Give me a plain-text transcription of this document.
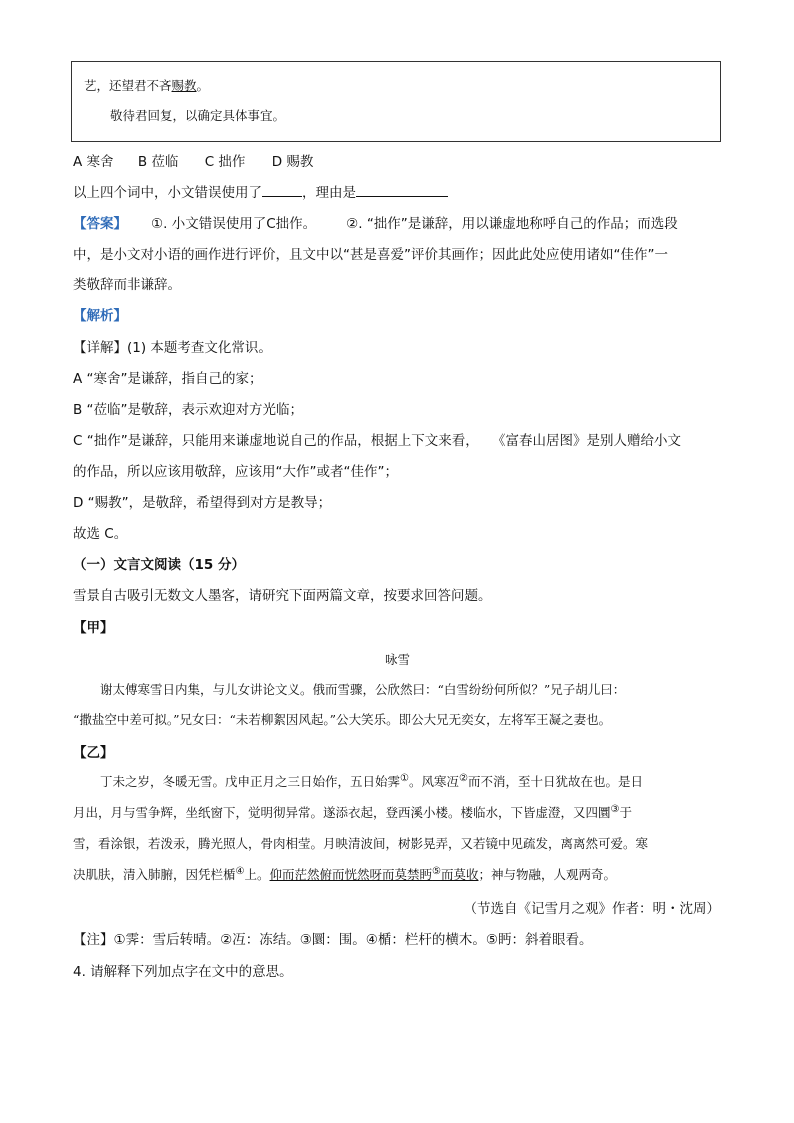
艺，还望君不吝赐教。
敬待君回复，以确定具体事宜。
A 寒舍 B 莅临 C 拙作 D 赐教
以上四个词中，小文错误使用了	，理由是
【答案】 ①. 小文错误使用了C拙作。 ②. “拙作”是谦辞，用以谦虚地称呼自己的作品；而选段
中，是小文对小语的画作进行评价，且文中以“甚是喜爱”评价其画作；因此此处应使用诸如“佳作”一
类敬辞而非谦辞。
【解析】
【详解】(1) 本题考查文化常识。
A “寒舍”是谦辞，指自己的家；
B “莅临”是敬辞，表示欢迎对方光临；
C “拙作”是谦辞，只能用来谦虚地说自己的作品，根据上下文来看， 《富春山居图》是别人赠给小文
的作品，所以应该用敬辞，应该用“大作”或者“佳作”；
D “赐教”，是敬辞，希望得到对方是教导；
故选 C。
（一）文言文阅读（15 分）
雪景自古吸引无数文人墨客，请研究下面两篇文章，按要求回答问题。
【甲】
咏雪
谢太傅寒雪日内集，与儿女讲论文义。俄而雪骤，公欣然曰：“白雪纷纷何所似？”兄子胡儿曰：
“撒盐空中差可拟。”兄女曰：“未若柳絮因风起。”公大笑乐。即公大兄无奕女，左将军王凝之妻也。
【乙】
丁未之岁，冬暖无雪。戊申正月之三日始作，五日始霁①。风寒冱②而不消，至十日犹故在也。是日
月出，月与雪争辉，坐纸窗下，觉明彻异常。遂添衣起，登西溪小楼。楼临水，下皆虚澄，又四圜③于
雪，看涂银，若泼汞，腾光照人，骨肉相莹。月映清波间，树影晃弄，又若镜中见疏发，离离然可爱。寒
决肌肤，清入肺腑，因凭栏楯④上。仰而茫然俯而恍然呀而莫禁眄⑤而莫收；神与物融，人观两奇。
（节选自《记雪月之观》作者：明・沈周）
【注】①霁：雪后转晴。②冱：冻结。③圜：围。④楯：栏杆的横木。⑤眄：斜着眼看。
4. 请解释下列加点字在文中的意思。
